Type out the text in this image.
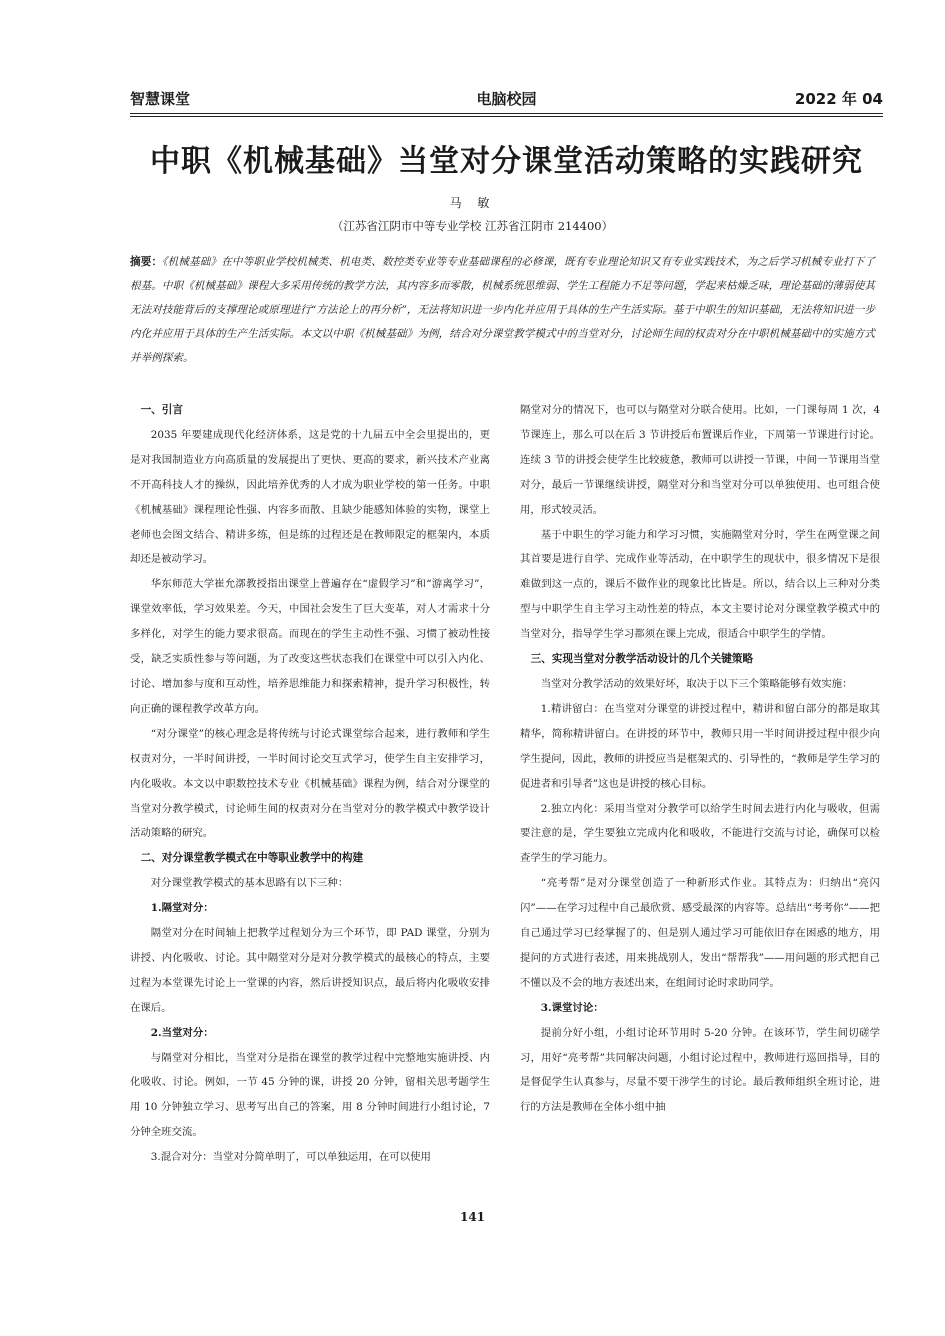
智慧课堂	电脑校园	2022 年 04
中职《机械基础》当堂对分课堂活动策略的实践研究
马 敏
（江苏省江阴市中等专业学校 江苏省江阴市 214400）
摘要：《机械基础》在中等职业学校机械类、机电类、数控类专业等专业基础课程的必修课，既有专业理论知识又有专业实践技术，为之后学习机械专业打下了根基。中职《机械基础》课程大多采用传统的教学方法，其内容多而零散，机械系统思维弱、学生工程能力不足等问题，学起来枯燥乏味，理论基础的薄弱使其无法对技能背后的支撑理论或原理进行“方法论上的再分析”，无法将知识进一步内化并应用于具体的生产生活实际。基于中职生的知识基础，无法将知识进一步内化并应用于具体的生产生活实际。本文以中职《机械基础》为例，结合对分课堂教学模式中的当堂对分，讨论师生间的权责对分在中职机械基础中的实施方式并举例探索。
一、引言

2035 年要建成现代化经济体系，这是党的十九届五中全会里提出的，更是对我国制造业方向高质量的发展提出了更快、更高的要求，新兴技术产业离不开高科技人才的操纵，因此培养优秀的人才成为职业学校的第一任务。中职《机械基础》课程理论性强、内容多而散、且缺少能感知体验的实物，课堂上老师也会图文结合、精讲多练，但是练的过程还是在教师限定的框架内，本质却还是被动学习。

华东师范大学崔允漷教授指出课堂上普遍存在“虚假学习”和“游离学习”，课堂效率低，学习效果差。今天，中国社会发生了巨大变革，对人才需求十分多样化，对学生的能力要求很高。而现在的学生主动性不强、习惯了被动性接受，缺乏实质性参与等问题，为了改变这些状态我们在课堂中可以引入内化、讨论、增加参与度和互动性，培养思维能力和探索精神，提升学习积极性，转向正确的课程教学改革方向。

“对分课堂”的核心理念是将传统与讨论式课堂综合起来，进行教师和学生权责对分，一半时间讲授，一半时间讨论交互式学习，使学生自主安排学习，内化吸收。本文以中职数控技术专业《机械基础》课程为例，结合对分课堂的当堂对分教学模式，讨论师生间的权责对分在当堂对分的教学模式中教学设计活动策略的研究。

二、对分课堂教学模式在中等职业教学中的构建

对分课堂教学模式的基本思路有以下三种：

1.隔堂对分：

隔堂对分在时间轴上把教学过程划分为三个环节，即 PAD 课堂，分别为讲授、内化吸收、讨论。其中隔堂对分是对分教学模式的最核心的特点，主要过程为本堂课先讨论上一堂课的内容，然后讲授知识点，最后将内化吸收安排在课后。

2.当堂对分：

与隔堂对分相比，当堂对分是指在课堂的教学过程中完整地实施讲授、内化吸收、讨论。例如，一节 45 分钟的课，讲授 20 分钟，留相关思考题学生用 10 分钟独立学习、思考写出自己的答案，用 8 分钟时间进行小组讨论，7 分钟全班交流。

3.混合对分：当堂对分简单明了，可以单独运用，在可以使用

隔堂对分的情况下，也可以与隔堂对分联合使用。比如，一门课每周 1 次，4 节课连上，那么可以在后 3 节讲授后布置课后作业，下周第一节课进行讨论。连续 3 节的讲授会使学生比较疲惫，教师可以讲授一节课，中间一节课用当堂对分，最后一节课继续讲授，隔堂对分和当堂对分可以单独使用、也可组合使用，形式较灵活。

基于中职生的学习能力和学习习惯，实施隔堂对分时，学生在两堂课之间其首要是进行自学、完成作业等活动，在中职学生的现状中，很多情况下是很难做到这一点的，课后不做作业的现象比比皆是。所以，结合以上三种对分类型与中职学生自主学习主动性差的特点，本文主要讨论对分课堂教学模式中的当堂对分，指导学生学习都须在课上完成，很适合中职学生的学情。

三、实现当堂对分教学活动设计的几个关键策略

当堂对分教学活动的效果好坏，取决于以下三个策略能够有效实施：

1.精讲留白：在当堂对分课堂的讲授过程中，精讲和留白部分的都是取其精华，简称精讲留白。在讲授的环节中，教师只用一半时间讲授过程中很少向学生提问，因此，教师的讲授应当是框架式的、引导性的，“教师是学生学习的促进者和引导者”这也是讲授的核心目标。

2.独立内化：采用当堂对分教学可以给学生时间去进行内化与吸收，但需要注意的是，学生要独立完成内化和吸收，不能进行交流与讨论，确保可以检查学生的学习能力。

“亮考帮”是对分课堂创造了一种新形式作业。其特点为：归纳出“亮闪闪”——在学习过程中自己最欣赏、感受最深的内容等。总结出“考考你”——把自己通过学习已经掌握了的、但是别人通过学习可能依旧存在困惑的地方，用提问的方式进行表述，用来挑战别人，发出“帮帮我”——用问题的形式把自己不懂以及不会的地方表述出来，在组间讨论时求助同学。

3.课堂讨论：

提前分好小组，小组讨论环节用时 5-20 分钟。在该环节，学生间切磋学习，用好“亮考帮”共同解决问题，小组讨论过程中，教师进行巡回指导，目的是督促学生认真参与，尽量不要干涉学生的讨论。最后教师组织全班讨论，进行的方法是教师在全体小组中抽

141
